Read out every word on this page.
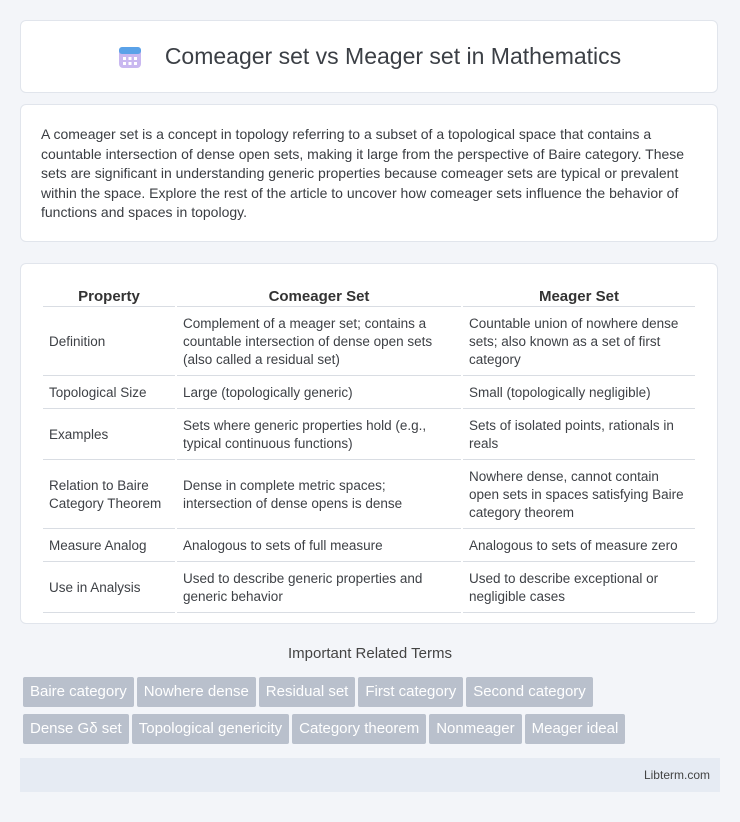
Comeager set vs Meager set in Mathematics

A comeager set is a concept in topology referring to a subset of a topological space that contains a countable intersection of dense open sets, making it large from the perspective of Baire category. These sets are significant in understanding generic properties because comeager sets are typical or prevalent within the space. Explore the rest of the article to uncover how comeager sets influence the behavior of functions and spaces in topology.

Property	Comeager Set	Meager Set
Definition	Complement of a meager set; contains a countable intersection of dense open sets (also called a residual set)	Countable union of nowhere dense sets; also known as a set of first category
Topological Size	Large (topologically generic)	Small (topologically negligible)
Examples	Sets where generic properties hold (e.g., typical continuous functions)	Sets of isolated points, rationals in reals
Relation to Baire Category Theorem	Dense in complete metric spaces; intersection of dense opens is dense	Nowhere dense, cannot contain open sets in spaces satisfying Baire category theorem
Measure Analog	Analogous to sets of full measure	Analogous to sets of measure zero
Use in Analysis	Used to describe generic properties and generic behavior	Used to describe exceptional or negligible cases
Important Related Terms
Baire category Nowhere dense Residual set First category Second category
Dense Gδ set Topological genericity Category theorem Nonmeager Meager ideal
Libterm.com
